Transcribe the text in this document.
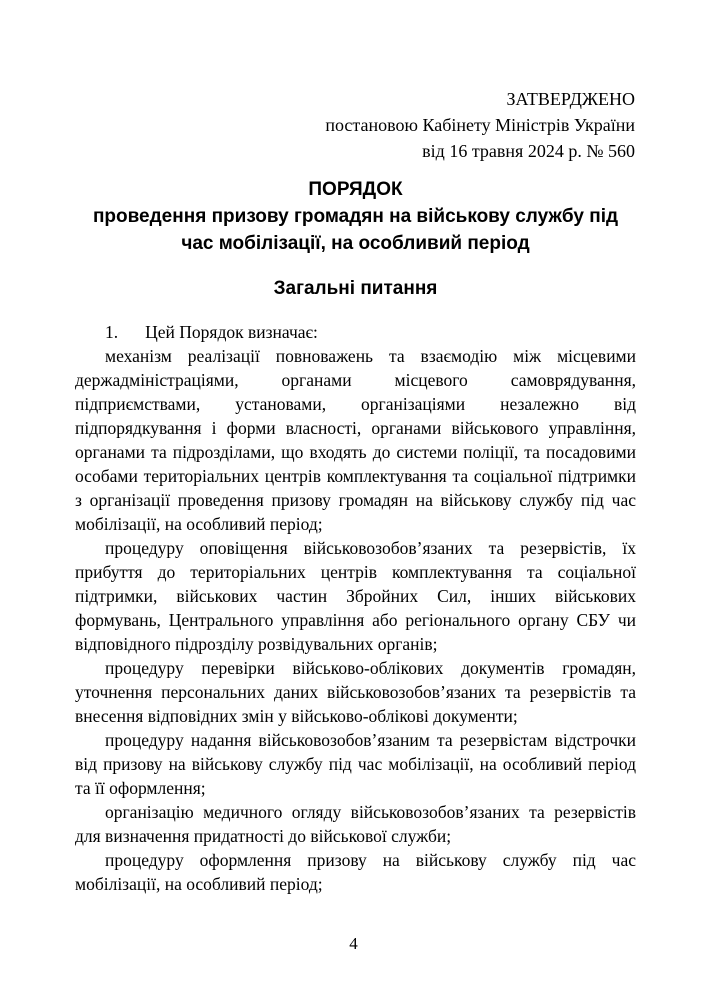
ЗАТВЕРДЖЕНО
постановою Кабінету Міністрів України
від 16 травня 2024 р. № 560
ПОРЯДОК
проведення призову громадян на військову службу під час мобілізації, на особливий період
Загальні питання

1. Цей Порядок визначає:

механізм реалізації повноважень та взаємодію між місцевими держадміністраціями, органами місцевого самоврядування, підприємствами, установами, організаціями незалежно від підпорядкування і форми власності, органами військового управління, органами та підрозділами, що входять до системи поліції, та посадовими особами територіальних центрів комплектування та соціальної підтримки з організації проведення призову громадян на військову службу під час мобілізації, на особливий період;

процедуру оповіщення військовозобов’язаних та резервістів, їх прибуття до територіальних центрів комплектування та соціальної підтримки, військових частин Збройних Сил, інших військових формувань, Центрального управління або регіонального органу СБУ чи відповідного підрозділу розвідувальних органів;

процедуру перевірки військово-облікових документів громадян, уточнення персональних даних військовозобов’язаних та резервістів та внесення відповідних змін у військово-облікові документи;

процедуру надання військовозобов’язаним та резервістам відстрочки від призову на військову службу під час мобілізації, на особливий період та її оформлення;

організацію медичного огляду військовозобов’язаних та резервістів для визначення придатності до військової служби;

процедуру оформлення призову на військову службу під час мобілізації, на особливий період;

4
